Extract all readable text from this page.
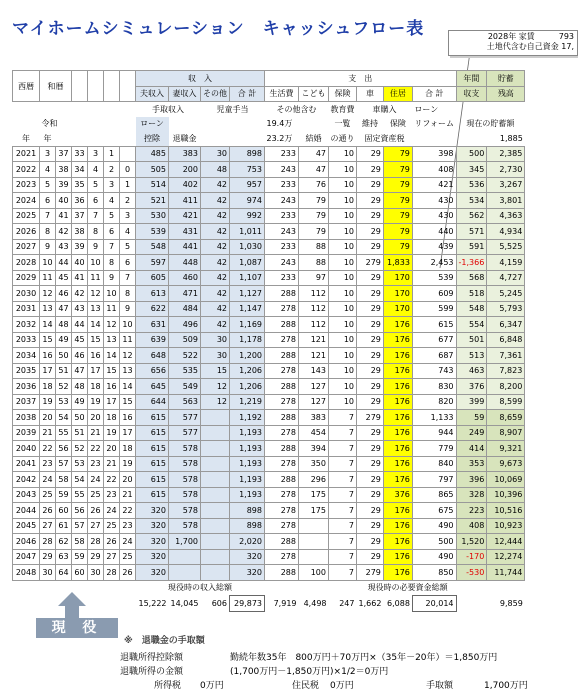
マイホームシミュレーション　キャッシュフロー表	2028年 家賃　　　793
土地代含む自己資金 17,
西暦	和暦						収　入				支　出						年間	貯蓄	
							夫収入	妻収入	その他	合 計	生活費	こども	保険	車	住居	合 計	収支	残高	
							手取収入		児童手当		その他含む		教育費	車購入		ローン			
	令和						ローン				19.4万		一覧	維持	保険	リフォーム	現在の貯蓄額		
年	年						控除	退職金			23.2万	結婚	の通り	固定資産税				1,885	
2021	3	37	33	3	1		485	383	30	898	233	47	10	29	79	398	500	2,385	
2022	4	38	34	4	2	0	505	200	48	753	243	47	10	29	79	408	345	2,730	
2023	5	39	35	5	3	1	514	402	42	957	233	76	10	29	79	421	536	3,267	
2024	6	40	36	6	4	2	521	411	42	974	243	79	10	29	79	430	534	3,801	
2025	7	41	37	7	5	3	530	421	42	992	233	79	10	29	79	430	562	4,363	
2026	8	42	38	8	6	4	539	431	42	1,011	243	79	10	29	79	440	571	4,934	
2027	9	43	39	9	7	5	548	441	42	1,030	233	88	10	29	79	439	591	5,525	
2028	10	44	40	10	8	6	597	448	42	1,087	243	88	10	279	1,833	2,453	-1,366	4,159	
2029	11	45	41	11	9	7	605	460	42	1,107	233	97	10	29	170	539	568	4,727	
2030	12	46	42	12	10	8	613	471	42	1,127	288	112	10	29	170	609	518	5,245	
2031	13	47	43	13	11	9	622	484	42	1,147	278	112	10	29	170	599	548	5,793	
2032	14	48	44	14	12	10	631	496	42	1,169	288	112	10	29	176	615	554	6,347	
2033	15	49	45	15	13	11	639	509	30	1,178	278	121	10	29	176	677	501	6,848	
2034	16	50	46	16	14	12	648	522	30	1,200	288	121	10	29	176	687	513	7,361	
2035	17	51	47	17	15	13	656	535	15	1,206	278	143	10	29	176	743	463	7,823	
2036	18	52	48	18	16	14	645	549	12	1,206	288	127	10	29	176	830	376	8,200	
2037	19	53	49	19	17	15	644	563	12	1,219	278	127	10	29	176	820	399	8,599	
2038	20	54	50	20	18	16	615	577		1,192	288	383	7	279	176	1,133	59	8,659	
2039	21	55	51	21	19	17	615	577		1,193	278	454	7	29	176	944	249	8,907	
2040	22	56	52	22	20	18	615	578		1,193	288	394	7	29	176	779	414	9,321	
2041	23	57	53	23	21	19	615	578		1,193	278	350	7	29	176	840	353	9,673	
2042	24	58	54	24	22	20	615	578		1,193	288	296	7	29	176	797	396	10,069	
2043	25	59	55	25	23	21	615	578		1,193	278	175	7	29	376	865	328	10,396	
2044	26	60	56	26	24	22	320	578		898	278	175	7	29	176	675	223	10,516	
2045	27	61	57	27	25	23	320	578		898	278		7	29	176	490	408	10,923	
2046	28	62	58	28	26	24	320	1,700		2,020	288		7	29	176	500	1,520	12,444	
2047	29	63	59	29	27	25	320			320	278		7	29	176	490	-170	12,274	
2048	30	64	60	30	28	26	320			320	288	100	7	279	176	850	-530	11,744	
							現役時の収入総額						現役時の必要資金総額						
							15,222	14,045	606	29,873	7,919	4,498	247	1,662	6,088	20,014		9,859	
現 役
※　退職金の手取額
退職所得控除額	勤続年数35年　800万円＋70万円×（35年－20年）＝1,850万円
退職所得の金額	(1,700万円－1,850万円)×1/2＝0万円
所得税 0万円	住民税 0万円	手取額	1,700万円
